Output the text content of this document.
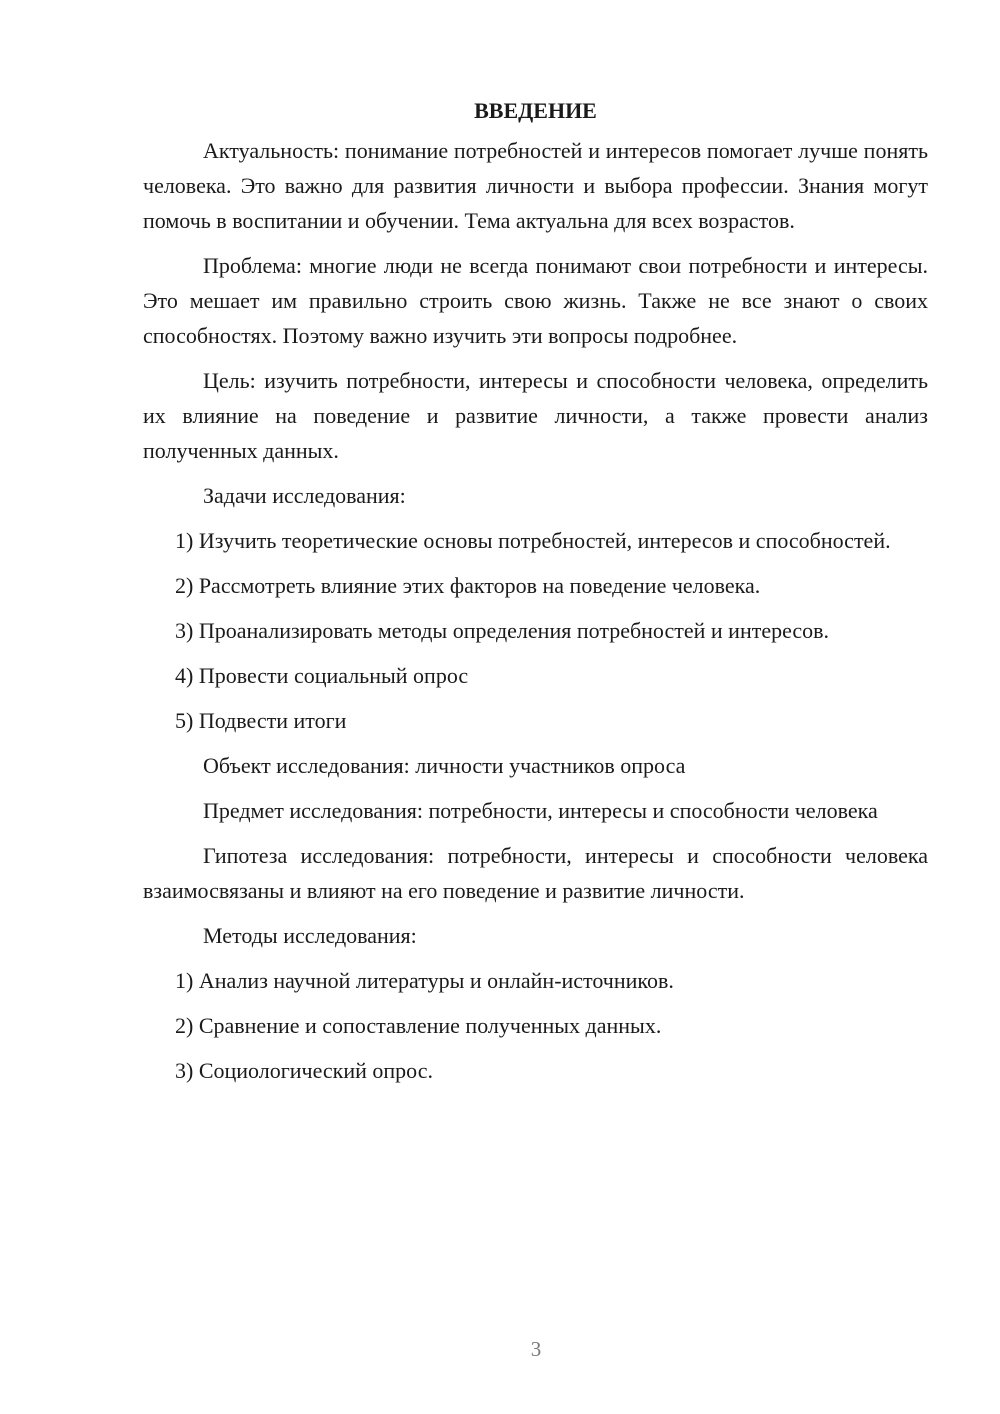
ВВЕДЕНИЕ

Актуальность: понимание потребностей и интересов помогает лучше понять человека. Это важно для развития личности и выбора профессии. Знания могут помочь в воспитании и обучении. Тема актуальна для всех возрастов.

Проблема: многие люди не всегда понимают свои потребности и интересы. Это мешает им правильно строить свою жизнь. Также не все знают о своих способностях. Поэтому важно изучить эти вопросы подробнее.

Цель: изучить потребности, интересы и способности человека, определить их влияние на поведение и развитие личности, а также провести анализ полученных данных.

Задачи исследования:

1) Изучить теоретические основы потребностей, интересов и способностей.

2) Рассмотреть влияние этих факторов на поведение человека.

3) Проанализировать методы определения потребностей и интересов.

4) Провести социальный опрос

5) Подвести итоги

Объект исследования: личности участников опроса

Предмет исследования: потребности, интересы и способности человека

Гипотеза исследования: потребности, интересы и способности человека взаимосвязаны и влияют на его поведение и развитие личности.

Методы исследования:

1) Анализ научной литературы и онлайн-источников.

2) Сравнение и сопоставление полученных данных.

3) Социологический опрос.

3
